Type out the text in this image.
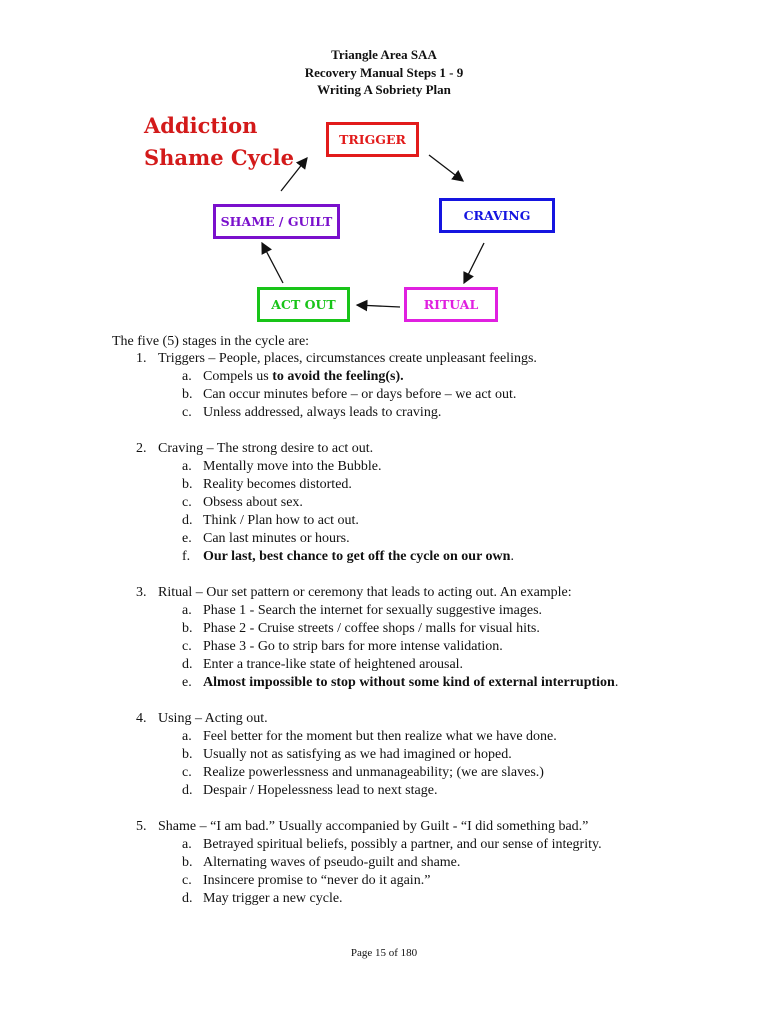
Triangle Area SAA
Recovery Manual Steps 1 - 9
Writing A Sobriety Plan
Addiction
Shame Cycle
TRIGGER
CRAVING
RITUAL
ACT OUT
SHAME / GUILT
The five (5) stages in the cycle are:
1. Triggers – People, places, circumstances create unpleasant feelings.
a. Compels us to avoid the feeling(s).
b. Can occur minutes before – or days before – we act out.
c. Unless addressed, always leads to craving.
2. Craving – The strong desire to act out.
a. Mentally move into the Bubble.
b. Reality becomes distorted.
c. Obsess about sex.
d. Think / Plan how to act out.
e. Can last minutes or hours.
f. Our last, best chance to get off the cycle on our own.
3. Ritual – Our set pattern or ceremony that leads to acting out. An example:
a. Phase 1 - Search the internet for sexually suggestive images.
b. Phase 2 - Cruise streets / coffee shops / malls for visual hits.
c. Phase 3 - Go to strip bars for more intense validation.
d. Enter a trance-like state of heightened arousal.
e. Almost impossible to stop without some kind of external interruption.
4. Using – Acting out.
a. Feel better for the moment but then realize what we have done.
b. Usually not as satisfying as we had imagined or hoped.
c. Realize powerlessness and unmanageability; (we are slaves.)
d. Despair / Hopelessness lead to next stage.
5. Shame – “I am bad.” Usually accompanied by Guilt - “I did something bad.”
a. Betrayed spiritual beliefs, possibly a partner, and our sense of integrity.
b. Alternating waves of pseudo-guilt and shame.
c. Insincere promise to “never do it again.”
d. May trigger a new cycle.
Page 15 of 180
